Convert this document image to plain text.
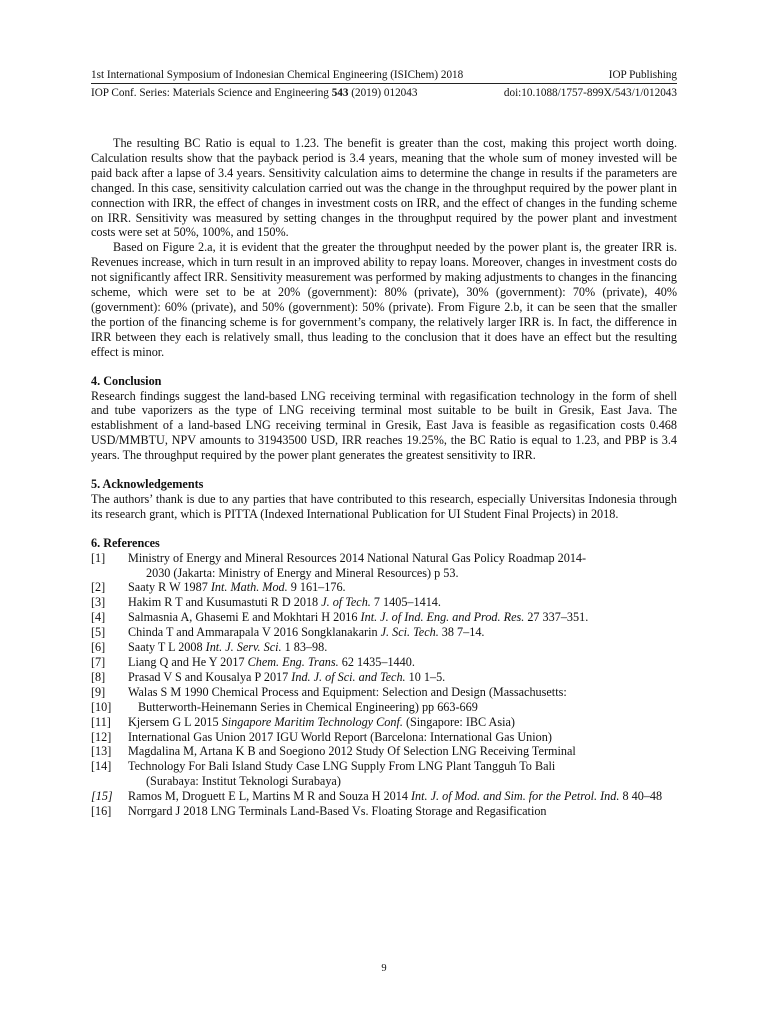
1st International Symposium of Indonesian Chemical Engineering (ISIChem) 2018	IOP Publishing
IOP Conf. Series: Materials Science and Engineering 543 (2019) 012043	doi:10.1088/1757-899X/543/1/012043

The resulting BC Ratio is equal to 1.23. The benefit is greater than the cost, making this project worth doing. Calculation results show that the payback period is 3.4 years, meaning that the whole sum of money invested will be paid back after a lapse of 3.4 years. Sensitivity calculation aims to determine the change in results if the parameters are changed. In this case, sensitivity calculation carried out was the change in the throughput required by the power plant in connection with IRR, the effect of changes in investment costs on IRR, and the effect of changes in the funding scheme on IRR. Sensitivity was measured by setting changes in the throughput required by the power plant and investment costs were set at 50%, 100%, and 150%.

Based on Figure 2.a, it is evident that the greater the throughput needed by the power plant is, the greater IRR is. Revenues increase, which in turn result in an improved ability to repay loans. Moreover, changes in investment costs do not significantly affect IRR. Sensitivity measurement was performed by making adjustments to changes in the financing scheme, which were set to be at 20% (government): 80% (private), 30% (government): 70% (private), 40% (government): 60% (private), and 50% (government): 50% (private). From Figure 2.b, it can be seen that the smaller the portion of the financing scheme is for government’s company, the relatively larger IRR is. In fact, the difference in IRR between they each is relatively small, thus leading to the conclusion that it does have an effect but the resulting effect is minor.

4. Conclusion

Research findings suggest the land-based LNG receiving terminal with regasification technology in the form of shell and tube vaporizers as the type of LNG receiving terminal most suitable to be built in Gresik, East Java. The establishment of a land-based LNG receiving terminal in Gresik, East Java is feasible as regasification costs 0.468 USD/MMBTU, NPV amounts to 31943500 USD, IRR reaches 19.25%, the BC Ratio is equal to 1.23, and PBP is 3.4 years. The throughput required by the power plant generates the greatest sensitivity to IRR.

5. Acknowledgements

The authors’ thank is due to any parties that have contributed to this research, especially Universitas Indonesia through its research grant, which is PITTA (Indexed International Publication for UI Student Final Projects) in 2018.

6. References

[1]	Ministry of Energy and Mineral Resources 2014 National Natural Gas Policy Roadmap 2014-
2030 (Jakarta: Ministry of Energy and Mineral Resources) p 53.
[2]	Saaty R W 1987 Int. Math. Mod. 9 161–176.
[3]	Hakim R T and Kusumastuti R D 2018 J. of Tech. 7 1405–1414.
[4]	Salmasnia A, Ghasemi E and Mokhtari H 2016 Int. J. of Ind. Eng. and Prod. Res. 27 337–351.
[5]	Chinda T and Ammarapala V 2016 Songklanakarin J. Sci. Tech. 38 7–14.
[6]	Saaty T L 2008 Int. J. Serv. Sci. 1 83–98.
[7]	Liang Q and He Y 2017 Chem. Eng. Trans. 62 1435–1440.
[8]	Prasad V S and Kousalya P 2017 Ind. J. of Sci. and Tech. 10 1–5.
[9]	Walas S M 1990 Chemical Process and Equipment: Selection and Design (Massachusetts:
[10]	Butterworth-Heinemann Series in Chemical Engineering) pp 663-669
[11]	Kjersem G L 2015 Singapore Maritim Technology Conf. (Singapore: IBC Asia)
[12]	International Gas Union 2017 IGU World Report (Barcelona: International Gas Union)
[13]	Magdalina M, Artana K B and Soegiono 2012 Study Of Selection LNG Receiving Terminal
[14]	Technology For Bali Island Study Case LNG Supply From LNG Plant Tangguh To Bali
(Surabaya: Institut Teknologi Surabaya)
[15]	Ramos M, Droguett E L, Martins M R and Souza H 2014 Int. J. of Mod. and Sim. for the Petrol. Ind. 8 40–48
[16]	Norrgard J 2018 LNG Terminals Land-Based Vs. Floating Storage and Regasification
9
